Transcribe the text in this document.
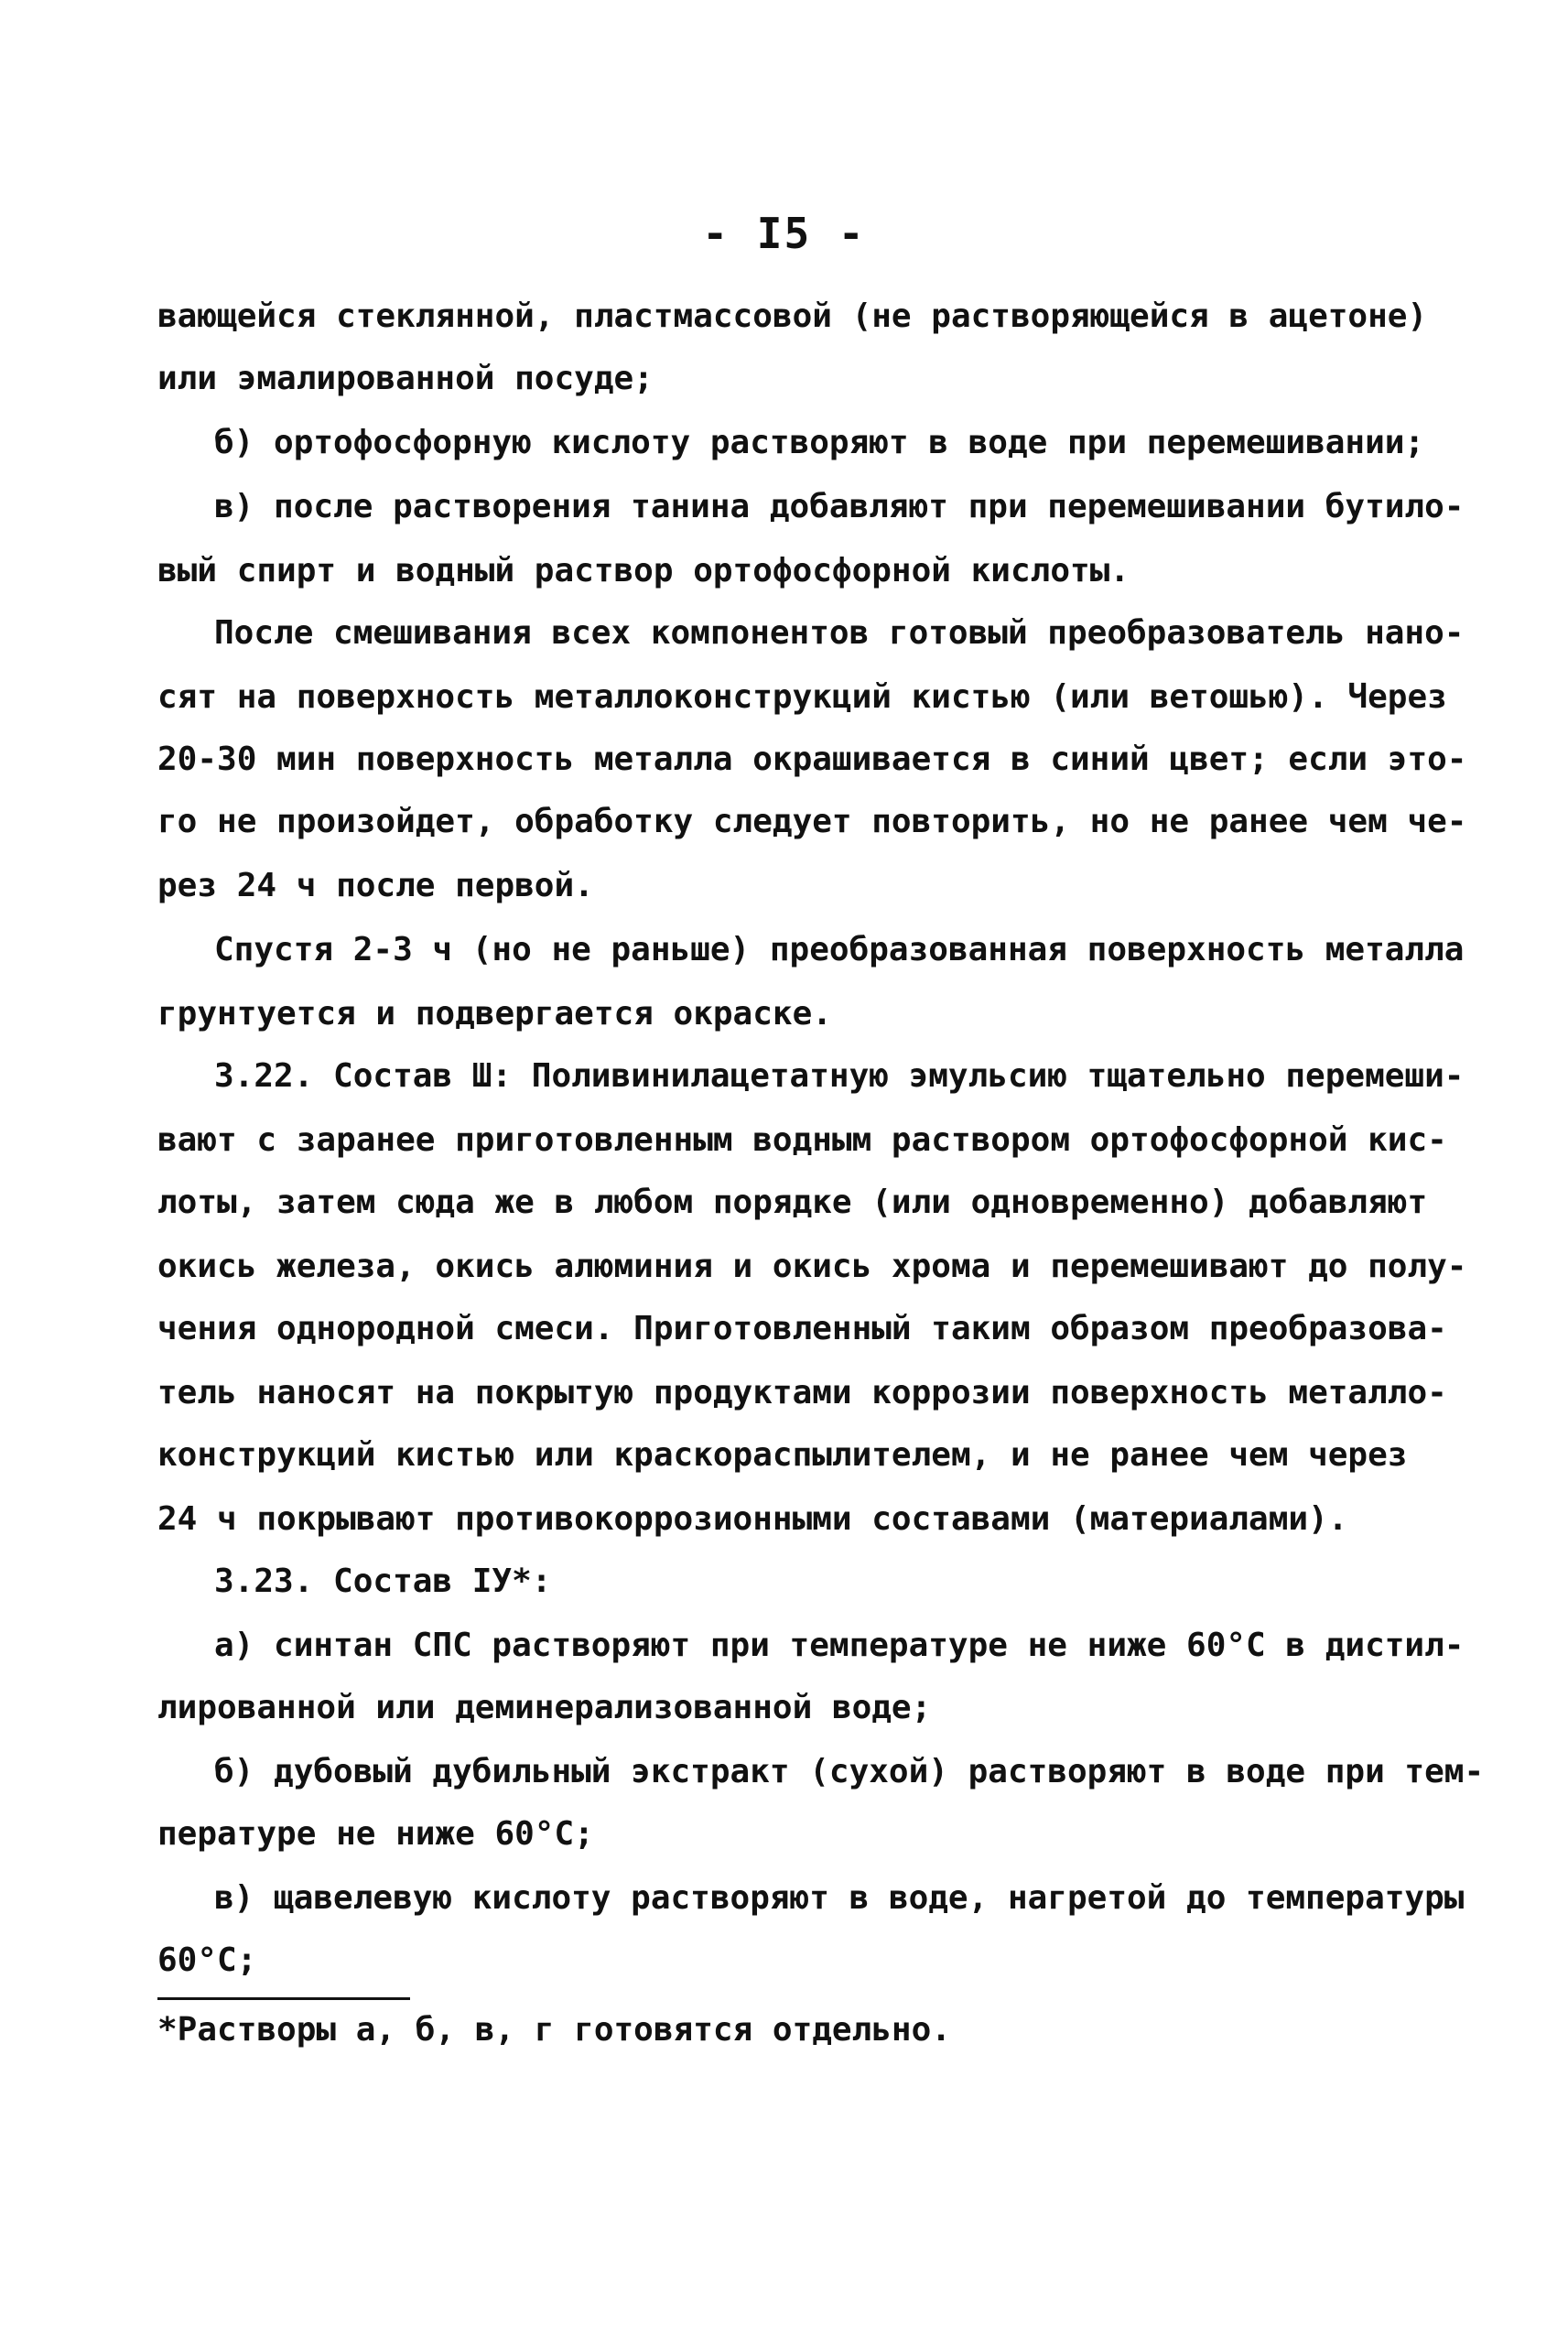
- I5 -
вающейся стеклянной, пластмассовой (не растворяющейся в ацетоне)
или эмалированной посуде;
б) ортофосфорную кислоту растворяют в воде при перемешивании;
в) после растворения танина добавляют при перемешивании бутило-
вый спирт и водный раствор ортофосфорной кислоты.
После смешивания всех компонентов готовый преобразователь нано-
сят на поверхность металлоконструкций кистью (или ветошью). Через
20-30 мин поверхность металла окрашивается в синий цвет; если это-
го не произойдет, обработку следует повторить, но не ранее чем че-
рез 24 ч после первой.
Спустя 2-3 ч (но не раньше) преобразованная поверхность металла
грунтуется и подвергается окраске.
3.22. Состав Ш: Поливинилацетатную эмульсию тщательно перемеши-
вают с заранее приготовленным водным раствором ортофосфорной кис-
лоты, затем сюда же в любом порядке (или одновременно) добавляют
окись железа, окись алюминия и окись хрома и перемешивают до полу-
чения однородной смеси. Приготовленный таким образом преобразова-
тель наносят на покрытую продуктами коррозии поверхность металло-
конструкций кистью или краскораспылителем, и не ранее чем через
24 ч покрывают противокоррозионными составами (материалами).
3.23. Состав IУ*:
а) синтан СПС растворяют при температуре не ниже 60°С в дистил-
лированной или деминерализованной воде;
б) дубовый дубильный экстракт (сухой) растворяют в воде при тем-
пературе не ниже 60°С;
в) щавелевую кислоту растворяют в воде, нагретой до температуры
60°С;
*Растворы а, б, в, г готовятся отдельно.
